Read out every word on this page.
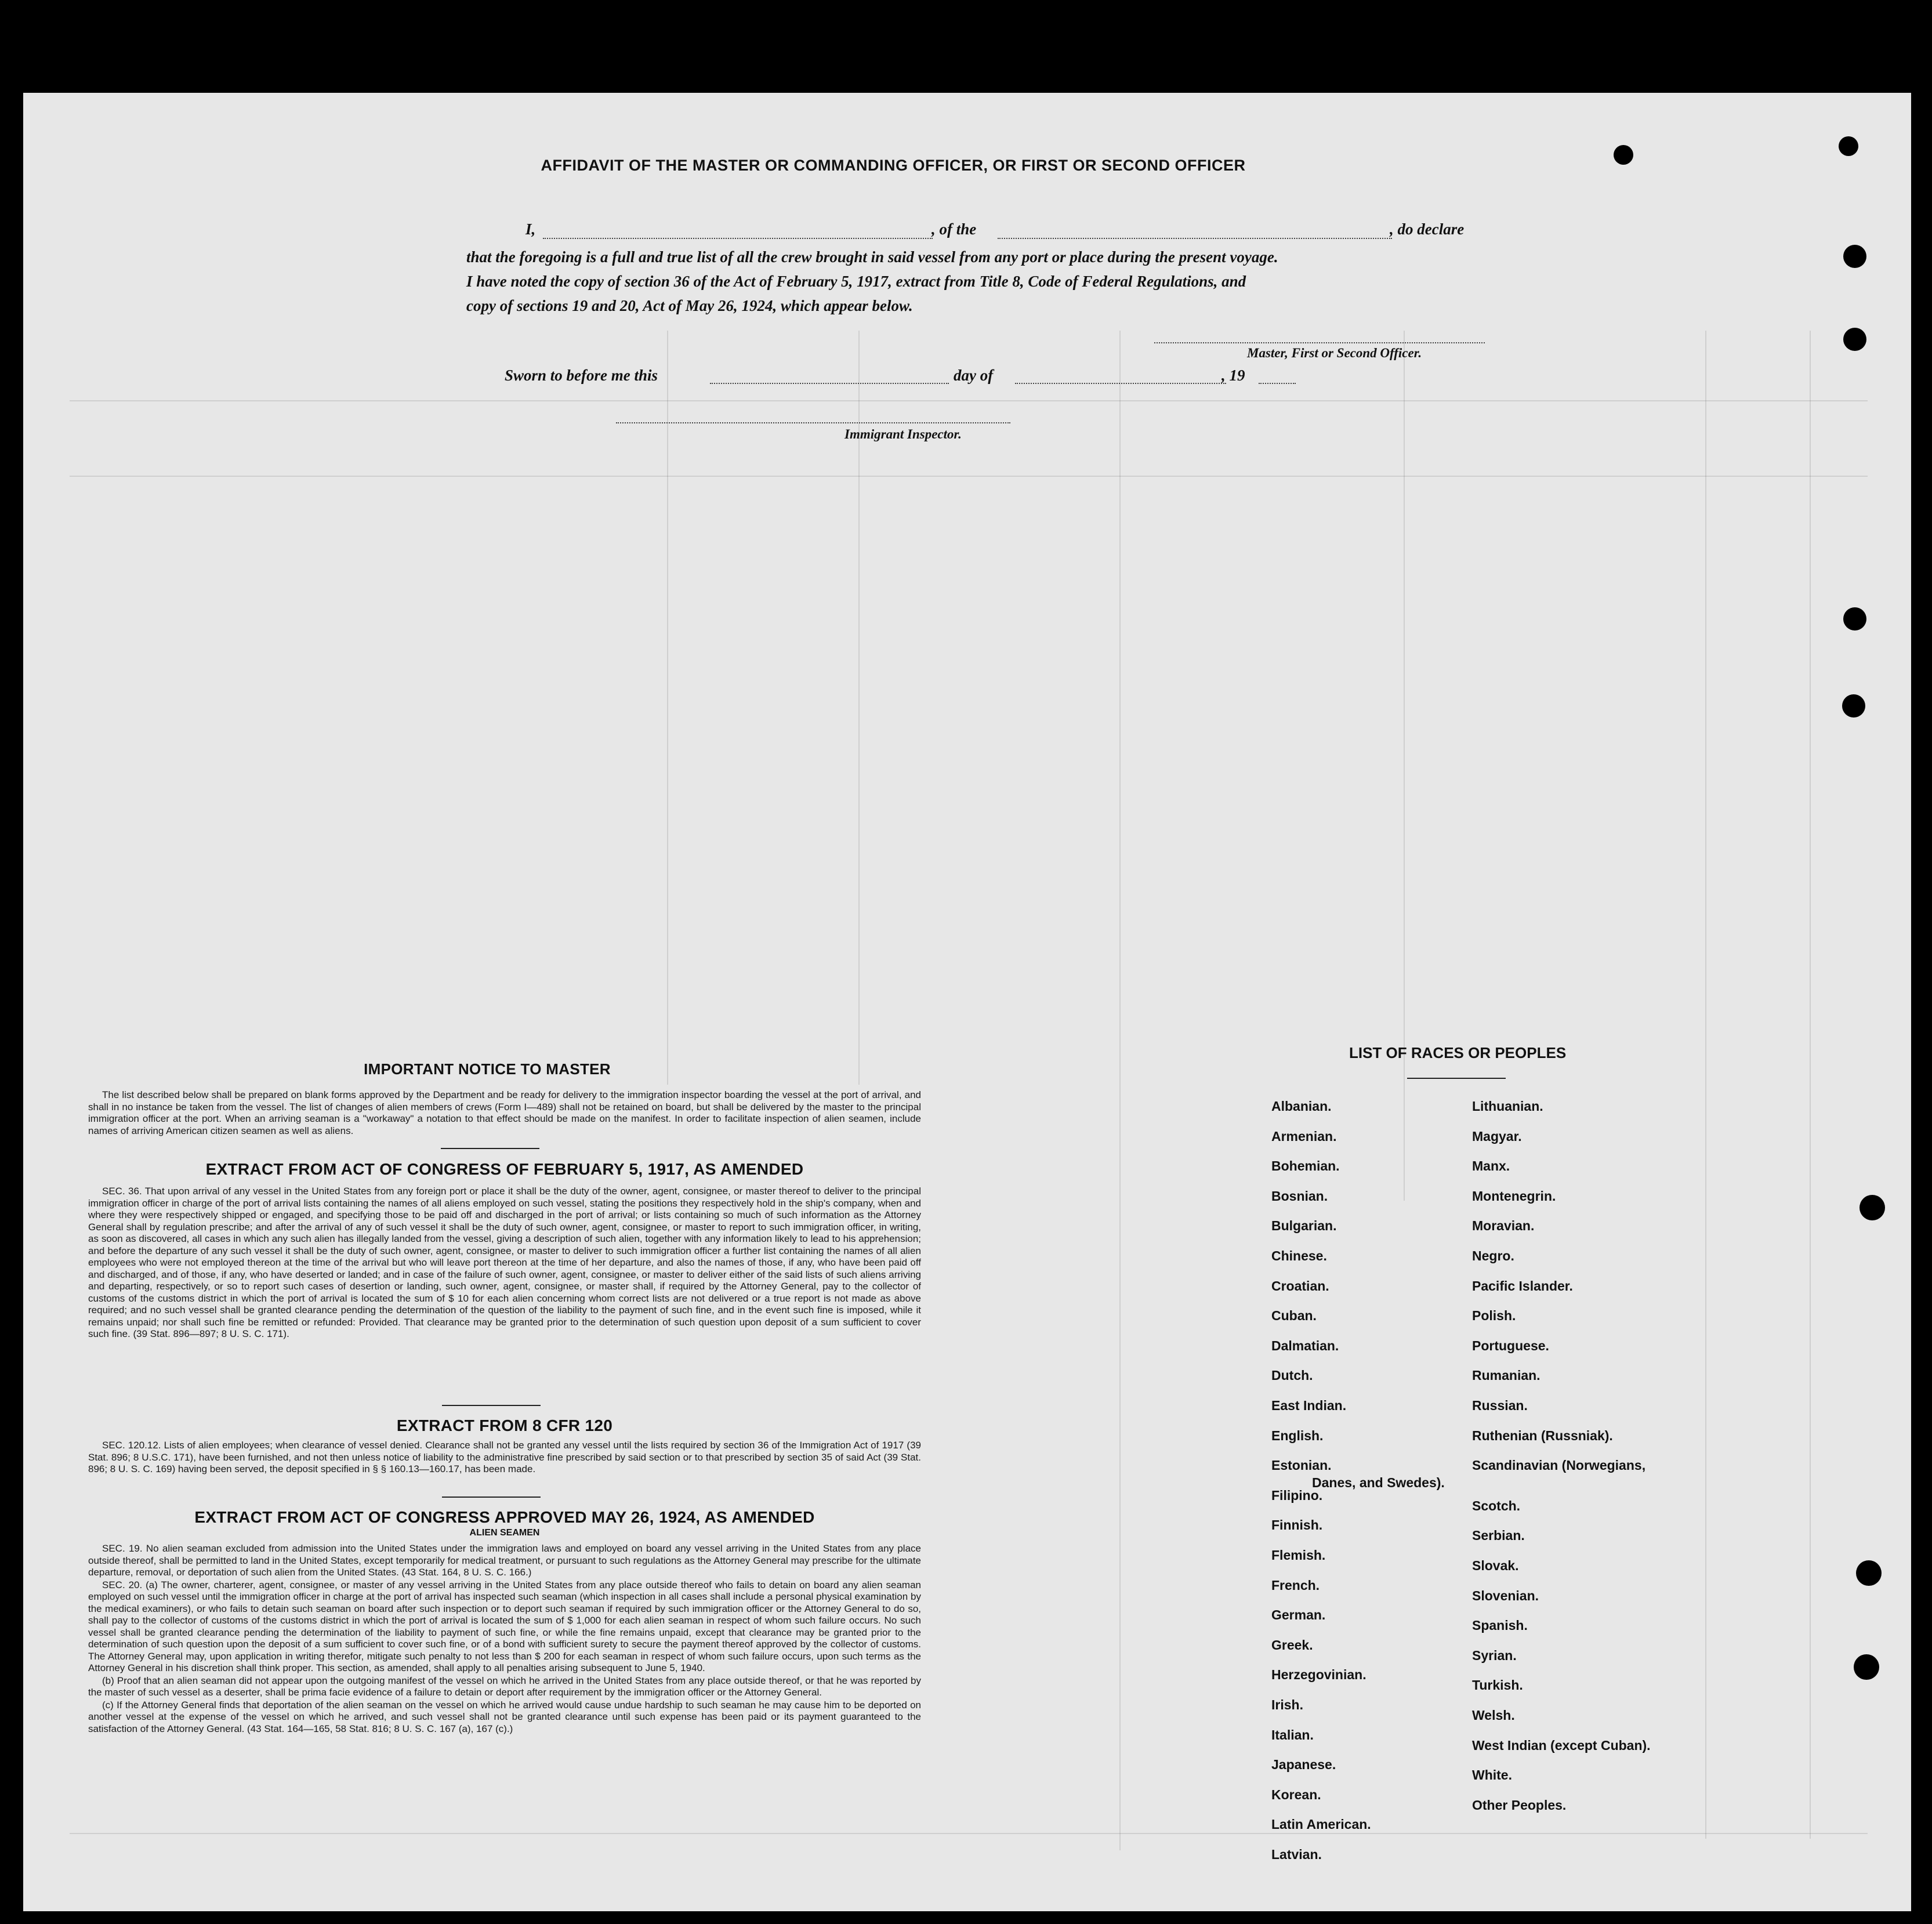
AFFIDAVIT OF THE MASTER OR COMMANDING OFFICER, OR FIRST OR SECOND OFFICER
I,	, of the	, do declare
that the foregoing is a full and true list of all the crew brought in said vessel from any port or place during the present voyage.
I have noted the copy of section 36 of the Act of February 5, 1917, extract from Title 8, Code of Federal Regulations, and
copy of sections 19 and 20, Act of May 26, 1924, which appear below.
Master, First or Second Officer.
Sworn to before me this	day of	, 19
Immigrant Inspector.
IMPORTANT NOTICE TO MASTER

The list described below shall be prepared on blank forms approved by the Department and be ready for delivery to the immigration inspector boarding the vessel at the port of arrival, and shall in no instance be taken from the vessel. The list of changes of alien members of crews (Form I—489) shall not be retained on board, but shall be delivered by the master to the principal immigration officer at the port. When an arriving seaman is a "workaway" a notation to that effect should be made on the manifest. In order to facilitate inspection of alien seamen, include names of arriving American citizen seamen as well as aliens.

EXTRACT FROM ACT OF CONGRESS OF FEBRUARY 5, 1917, AS AMENDED

SEC. 36. That upon arrival of any vessel in the United States from any foreign port or place it shall be the duty of the owner, agent, consignee, or master thereof to deliver to the principal immigration officer in charge of the port of arrival lists containing the names of all aliens employed on such vessel, stating the positions they respectively hold in the ship's company, when and where they were respectively shipped or engaged, and specifying those to be paid off and discharged in the port of arrival; or lists containing so much of such information as the Attorney General shall by regulation prescribe; and after the arrival of any of such vessel it shall be the duty of such owner, agent, consignee, or master to report to such immigration officer, in writing, as soon as discovered, all cases in which any such alien has illegally landed from the vessel, giving a description of such alien, together with any information likely to lead to his apprehension; and before the departure of any such vessel it shall be the duty of such owner, agent, consignee, or master to deliver to such immigration officer a further list containing the names of all alien employees who were not employed thereon at the time of the arrival but who will leave port thereon at the time of her departure, and also the names of those, if any, who have been paid off and discharged, and of those, if any, who have deserted or landed; and in case of the failure of such owner, agent, consignee, or master to deliver either of the said lists of such aliens arriving and departing, respectively, or so to report such cases of desertion or landing, such owner, agent, consignee, or master shall, if required by the Attorney General, pay to the collector of customs of the customs district in which the port of arrival is located the sum of $ 10 for each alien concerning whom correct lists are not delivered or a true report is not made as above required; and no such vessel shall be granted clearance pending the determination of the question of the liability to the payment of such fine, and in the event such fine is imposed, while it remains unpaid; nor shall such fine be remitted or refunded: Provided. That clearance may be granted prior to the determination of such question upon deposit of a sum sufficient to cover such fine. (39 Stat. 896—897; 8 U. S. C. 171).

EXTRACT FROM 8 CFR 120

SEC. 120.12. Lists of alien employees; when clearance of vessel denied. Clearance shall not be granted any vessel until the lists required by section 36 of the Immigration Act of 1917 (39 Stat. 896; 8 U.S.C. 171), have been furnished, and not then unless notice of liability to the administrative fine prescribed by said section or to that prescribed by section 35 of said Act (39 Stat. 896; 8 U. S. C. 169) having been served, the deposit specified in § § 160.13—160.17, has been made.

EXTRACT FROM ACT OF CONGRESS APPROVED MAY 26, 1924, AS AMENDED
ALIEN SEAMEN

SEC. 19. No alien seaman excluded from admission into the United States under the immigration laws and employed on board any vessel arriving in the United States from any place outside thereof, shall be permitted to land in the United States, except temporarily for medical treatment, or pursuant to such regulations as the Attorney General may prescribe for the ultimate departure, removal, or deportation of such alien from the United States. (43 Stat. 164, 8 U. S. C. 166.)

SEC. 20. (a) The owner, charterer, agent, consignee, or master of any vessel arriving in the United States from any place outside thereof who fails to detain on board any alien seaman employed on such vessel until the immigration officer in charge at the port of arrival has inspected such seaman (which inspection in all cases shall include a personal physical examination by the medical examiners), or who fails to detain such seaman on board after such inspection or to deport such seaman if required by such immigration officer or the Attorney General to do so, shall pay to the collector of customs of the customs district in which the port of arrival is located the sum of $ 1,000 for each alien seaman in respect of whom such failure occurs. No such vessel shall be granted clearance pending the determination of the liability to payment of such fine, or while the fine remains unpaid, except that clearance may be granted prior to the determination of such question upon the deposit of a sum sufficient to cover such fine, or of a bond with sufficient surety to secure the payment thereof approved by the collector of customs. The Attorney General may, upon application in writing therefor, mitigate such penalty to not less than $ 200 for each seaman in respect of whom such failure occurs, upon such terms as the Attorney General in his discretion shall think proper. This section, as amended, shall apply to all penalties arising subsequent to June 5, 1940.

(b) Proof that an alien seaman did not appear upon the outgoing manifest of the vessel on which he arrived in the United States from any place outside thereof, or that he was reported by the master of such vessel as a deserter, shall be prima facie evidence of a failure to detain or deport after requirement by the immigration officer or the Attorney General.

(c) If the Attorney General finds that deportation of the alien seaman on the vessel on which he arrived would cause undue hardship to such seaman he may cause him to be deported on another vessel at the expense of the vessel on which he arrived, and such vessel shall not be granted clearance until such expense has been paid or its payment guaranteed to the satisfaction of the Attorney General. (43 Stat. 164—165, 58 Stat. 816; 8 U. S. C. 167 (a), 167 (c).)

LIST OF RACES OR PEOPLES
Albanian.
Armenian.
Bohemian.
Bosnian.
Bulgarian.
Chinese.
Croatian.
Cuban.
Dalmatian.
Dutch.
East Indian.
English.
Estonian.
Filipino.
Finnish.
Flemish.
French.
German.
Greek.
Herzegovinian.
Irish.
Italian.
Japanese.
Korean.
Latin American.
Latvian.
Lithuanian.
Magyar.
Manx.
Montenegrin.
Moravian.
Negro.
Pacific Islander.
Polish.
Portuguese.
Rumanian.
Russian.
Ruthenian (Russniak).
Scandinavian (Norwegians,
Danes, and Swedes).
Scotch.
Serbian.
Slovak.
Slovenian.
Spanish.
Syrian.
Turkish.
Welsh.
West Indian (except Cuban).
White.
Other Peoples.
